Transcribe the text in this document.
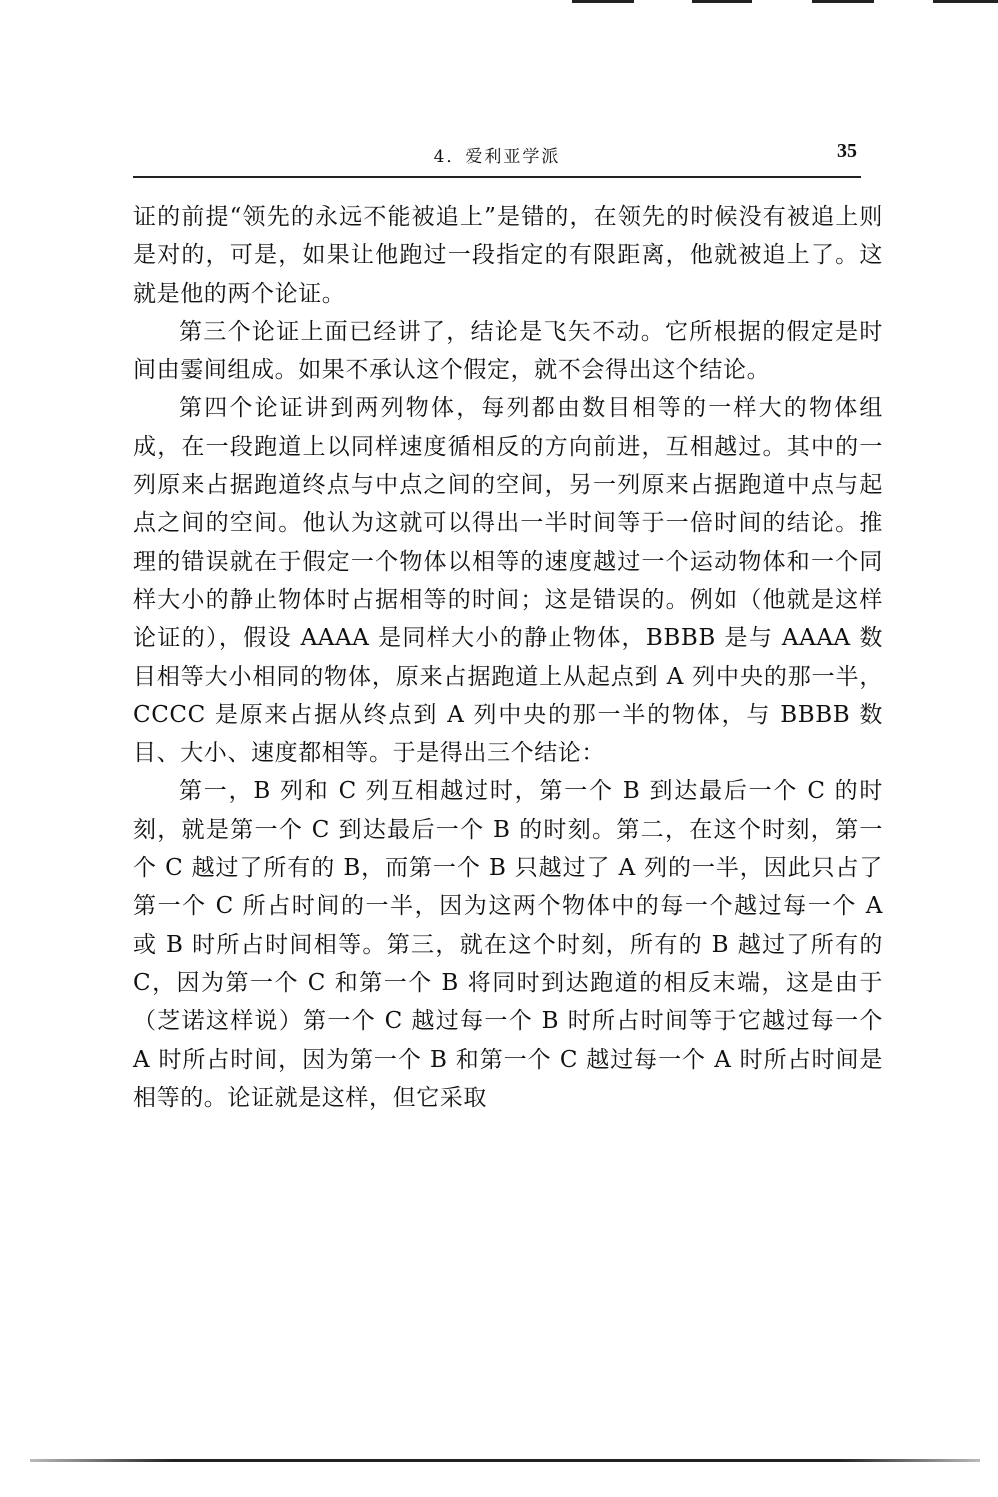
4．爱利亚学派	35

证的前提“领先的永远不能被追上”是错的，在领先的时候没有被追上则是对的，可是，如果让他跑过一段指定的有限距离，他就被追上了。这就是他的两个论证。

第三个论证上面已经讲了，结论是飞矢不动。它所根据的假定是时间由霎间组成。如果不承认这个假定，就不会得出这个结论。

第四个论证讲到两列物体，每列都由数目相等的一样大的物体组成，在一段跑道上以同样速度循相反的方向前进，互相越过。其中的一列原来占据跑道终点与中点之间的空间，另一列原来占据跑道中点与起点之间的空间。他认为这就可以得出一半时间等于一倍时间的结论。推理的错误就在于假定一个物体以相等的速度越过一个运动物体和一个同样大小的静止物体时占据相等的时间；这是错误的。例如（他就是这样论证的），假设 AAAA 是同样大小的静止物体，BBBB 是与 AAAA 数目相等大小相同的物体，原来占据跑道上从起点到 A 列中央的那一半，CCCC 是原来占据从终点到 A 列中央的那一半的物体，与 BBBB 数目、大小、速度都相等。于是得出三个结论：

第一，B 列和 C 列互相越过时，第一个 B 到达最后一个 C 的时刻，就是第一个 C 到达最后一个 B 的时刻。第二，在这个时刻，第一个 C 越过了所有的 B，而第一个 B 只越过了 A 列的一半，因此只占了第一个 C 所占时间的一半，因为这两个物体中的每一个越过每一个 A 或 B 时所占时间相等。第三，就在这个时刻，所有的 B 越过了所有的 C，因为第一个 C 和第一个 B 将同时到达跑道的相反末端，这是由于（芝诺这样说）第一个 C 越过每一个 B 时所占时间等于它越过每一个 A 时所占时间，因为第一个 B 和第一个 C 越过每一个 A 时所占时间是相等的。论证就是这样，但它采取
